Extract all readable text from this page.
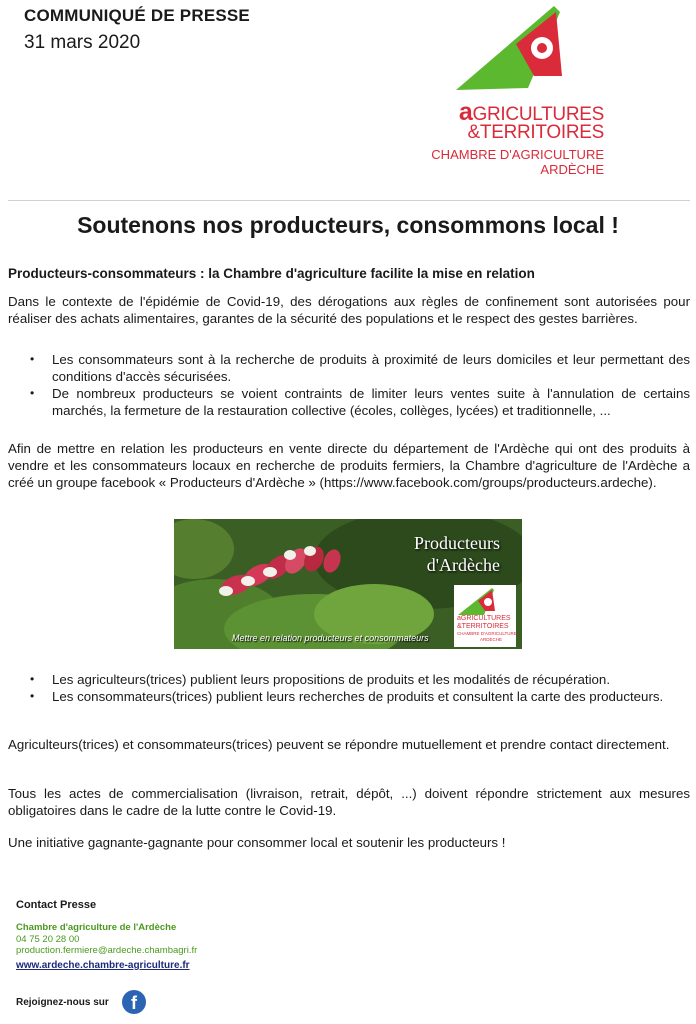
COMMUNIQUÉ DE PRESSE
31 mars 2020
aGRICULTURES
&TERRITOIRES
CHAMBRE D'AGRICULTURE
ARDÈCHE
Soutenons nos producteurs, consommons local !
Producteurs-consommateurs : la Chambre d'agriculture facilite la mise en relation
Dans le contexte de l'épidémie de Covid-19, des dérogations aux règles de confinement sont autorisées pour réaliser des achats alimentaires, garantes de la sécurité des populations et le respect des gestes barrières.
• Les consommateurs sont à la recherche de produits à proximité de leurs domiciles et leur permettant des conditions d'accès sécurisées.
• De nombreux producteurs se voient contraints de limiter leurs ventes suite à l'annulation de certains marchés, la fermeture de la restauration collective (écoles, collèges, lycées) et traditionnelle, ...
Afin de mettre en relation les producteurs en vente directe du département de l'Ardèche qui ont des produits à vendre et les consommateurs locaux en recherche de produits fermiers, la Chambre d'agriculture de l'Ardèche a créé un groupe facebook « Producteurs d'Ardèche » (https://www.facebook.com/groups/producteurs.ardeche).
Producteurs
d'Ardèche
Mettre en relation producteurs et consommateurs
aGRICULTURES
&TERRITOIRES
CHAMBRE D'AGRICULTURE
ARDÈCHE
• Les agriculteurs(trices) publient leurs propositions de produits et les modalités de récupération.
• Les consommateurs(trices) publient leurs recherches de produits et consultent la carte des producteurs.
Agriculteurs(trices) et consommateurs(trices) peuvent se répondre mutuellement et prendre contact directement.
Tous les actes de commercialisation (livraison, retrait, dépôt, ...) doivent répondre strictement aux mesures obligatoires dans le cadre de la lutte contre le Covid-19.
Une initiative gagnante-gagnante pour consommer local et soutenir les producteurs !
Contact Presse
Chambre d'agriculture de l'Ardèche
04 75 20 28 00
production.fermiere@ardeche.chambagri.fr
www.ardeche.chambre-agriculture.fr
Rejoignez-nous sur	f
